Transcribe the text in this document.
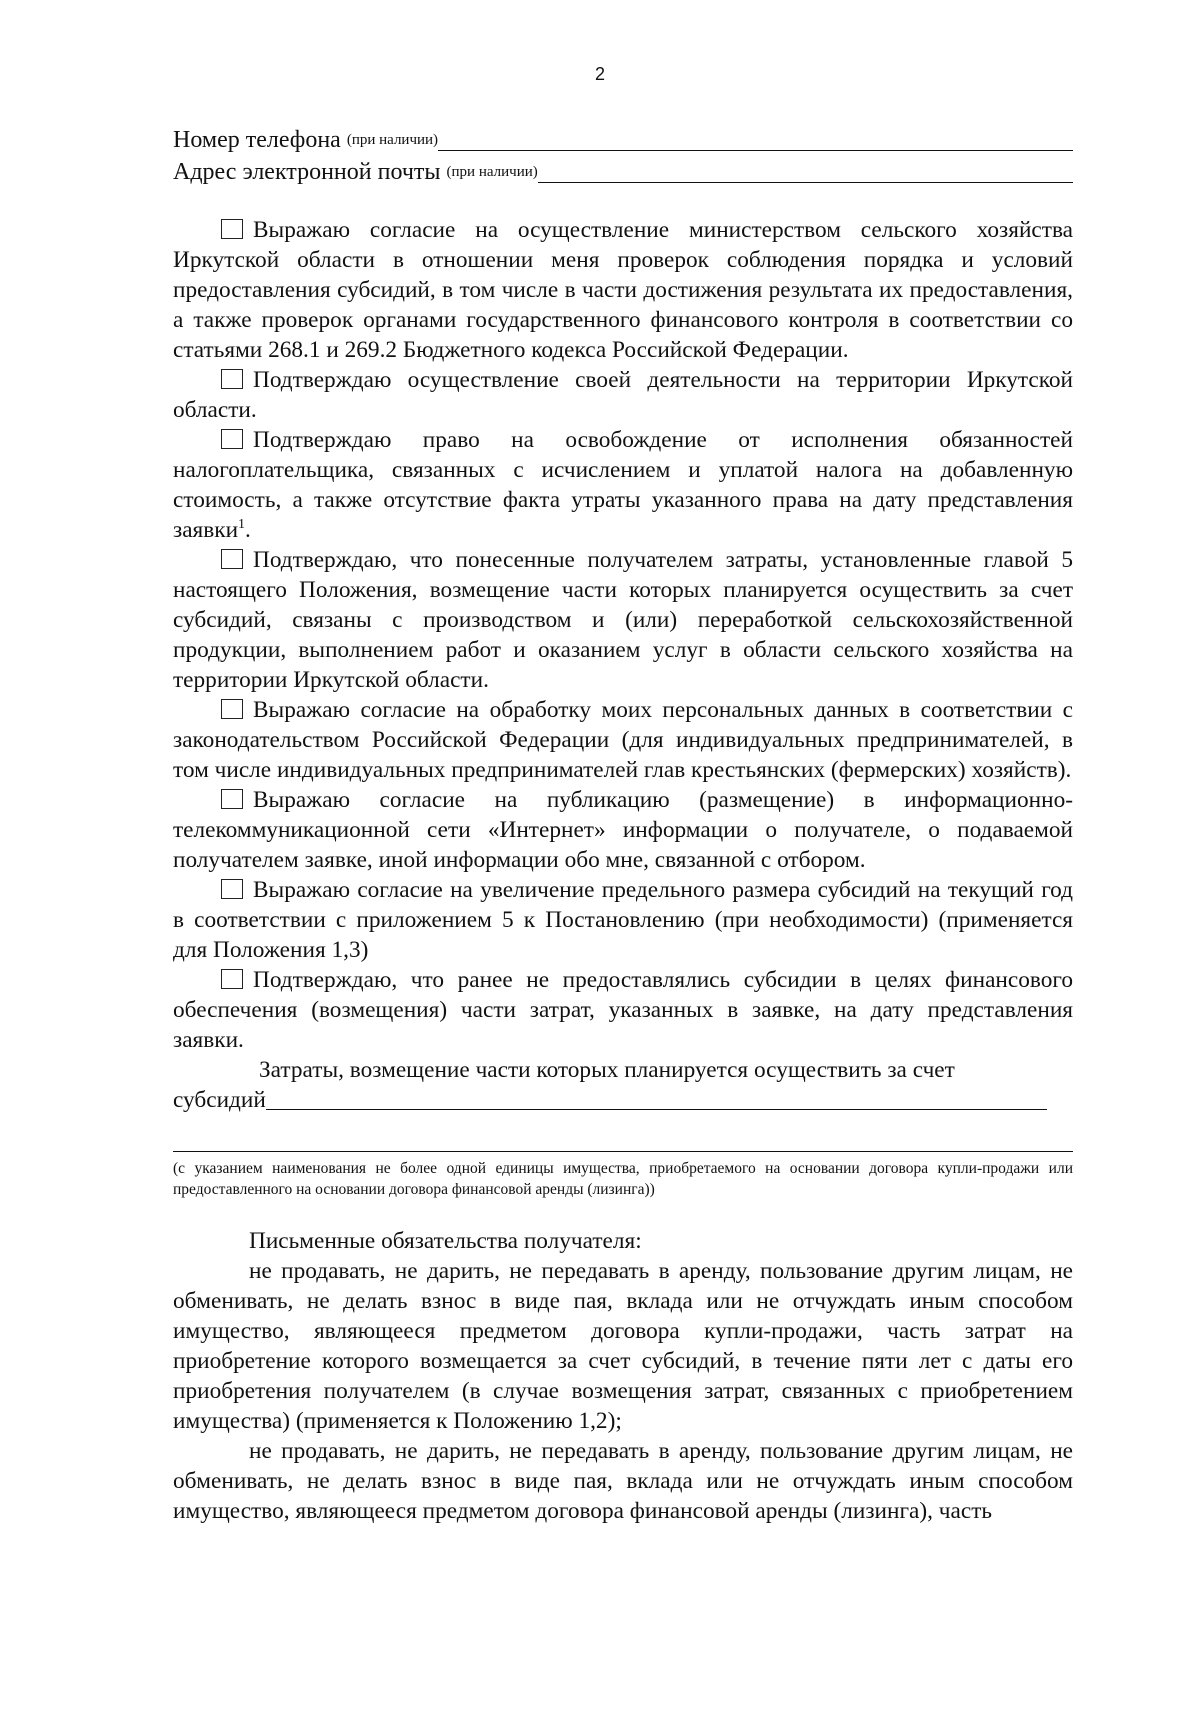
2
Номер телефона (при наличии)
Адрес электронной почты (при наличии)

Выражаю согласие на осуществление министерством сельского хозяйства Иркутской области в отношении меня проверок соблюдения порядка и условий предоставления субсидий, в том числе в части достижения результата их предоставления, а также проверок органами государственного финансового контроля в соответствии со статьями 268.1 и 269.2 Бюджетного кодекса Российской Федерации.

Подтверждаю осуществление своей деятельности на территории Иркутской области.

Подтверждаю право на освобождение от исполнения обязанностей налогоплательщика, связанных с исчислением и уплатой налога на добавленную стоимость, а также отсутствие факта утраты указанного права на дату представления заявки$^1$.

Подтверждаю, что понесенные получателем затраты, установленные главой 5 настоящего Положения, возмещение части которых планируется осуществить за счет субсидий, связаны с производством и (или) переработкой сельскохозяйственной продукции, выполнением работ и оказанием услуг в области сельского хозяйства на территории Иркутской области.

Выражаю согласие на обработку моих персональных данных в соответствии с законодательством Российской Федерации (для индивидуальных предпринимателей, в том числе индивидуальных предпринимателей глав крестьянских (фермерских) хозяйств).

Выражаю согласие на публикацию (размещение) в информационно-телекоммуникационной сети «Интернет» информации о получателе, о подаваемой получателем заявке, иной информации обо мне, связанной с отбором.

Выражаю согласие на увеличение предельного размера субсидий на текущий год в соответствии с приложением 5 к Постановлению (при необходимости) (применяется для Положения 1,3)

Подтверждаю, что ранее не предоставлялись субсидии в целях финансового обеспечения (возмещения) части затрат, указанных в заявке, на дату представления заявки.

Затраты, возмещение части которых планируется осуществить за счет

субсидий
(с указанием наименования не более одной единицы имущества, приобретаемого на основании договора купли-продажи или предоставленного на основании договора финансовой аренды (лизинга))

Письменные обязательства получателя:

не продавать, не дарить, не передавать в аренду, пользование другим лицам, не обменивать, не делать взнос в виде пая, вклада или не отчуждать иным способом имущество, являющееся предметом договора купли-продажи, часть затрат на приобретение которого возмещается за счет субсидий, в течение пяти лет с даты его приобретения получателем (в случае возмещения затрат, связанных с приобретением имущества) (применяется к Положению 1,2);

не продавать, не дарить, не передавать в аренду, пользование другим лицам, не обменивать, не делать взнос в виде пая, вклада или не отчуждать иным способом имущество, являющееся предметом договора финансовой аренды (лизинга), часть
